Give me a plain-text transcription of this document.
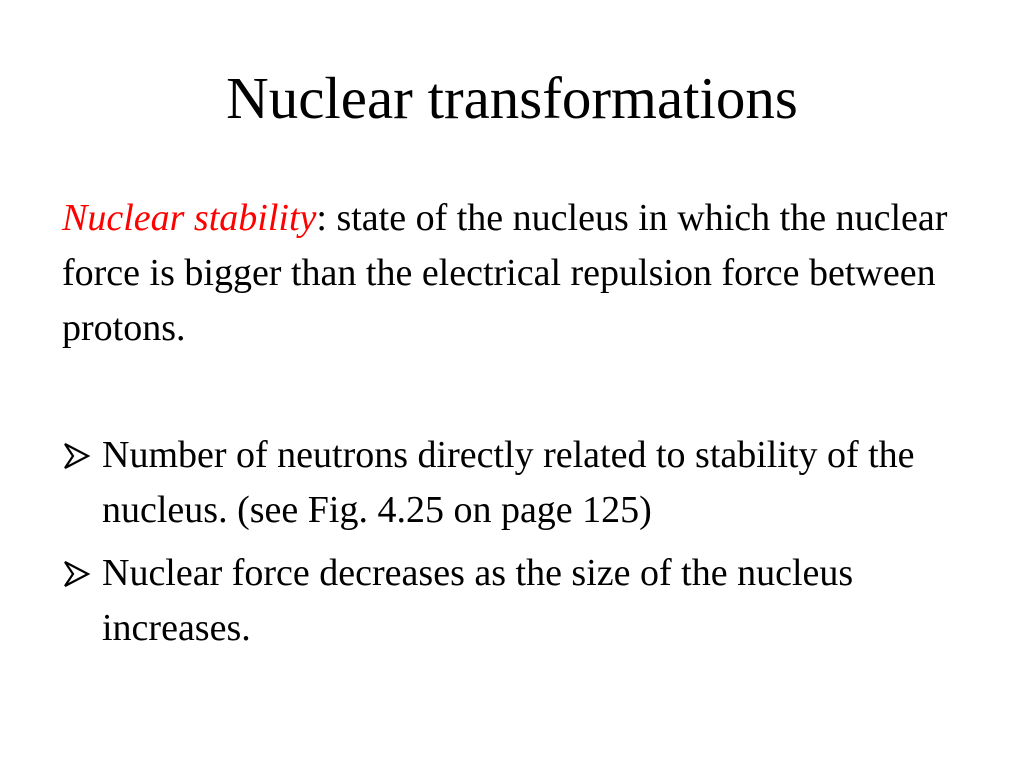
Nuclear transformations

Nuclear stability: state of the nucleus in which the nuclear force is bigger than the electrical repulsion force between protons.

Number of neutrons directly related to stability of the nucleus. (see Fig. 4.25 on page 125)
Nuclear force decreases as the size of the nucleus increases.
